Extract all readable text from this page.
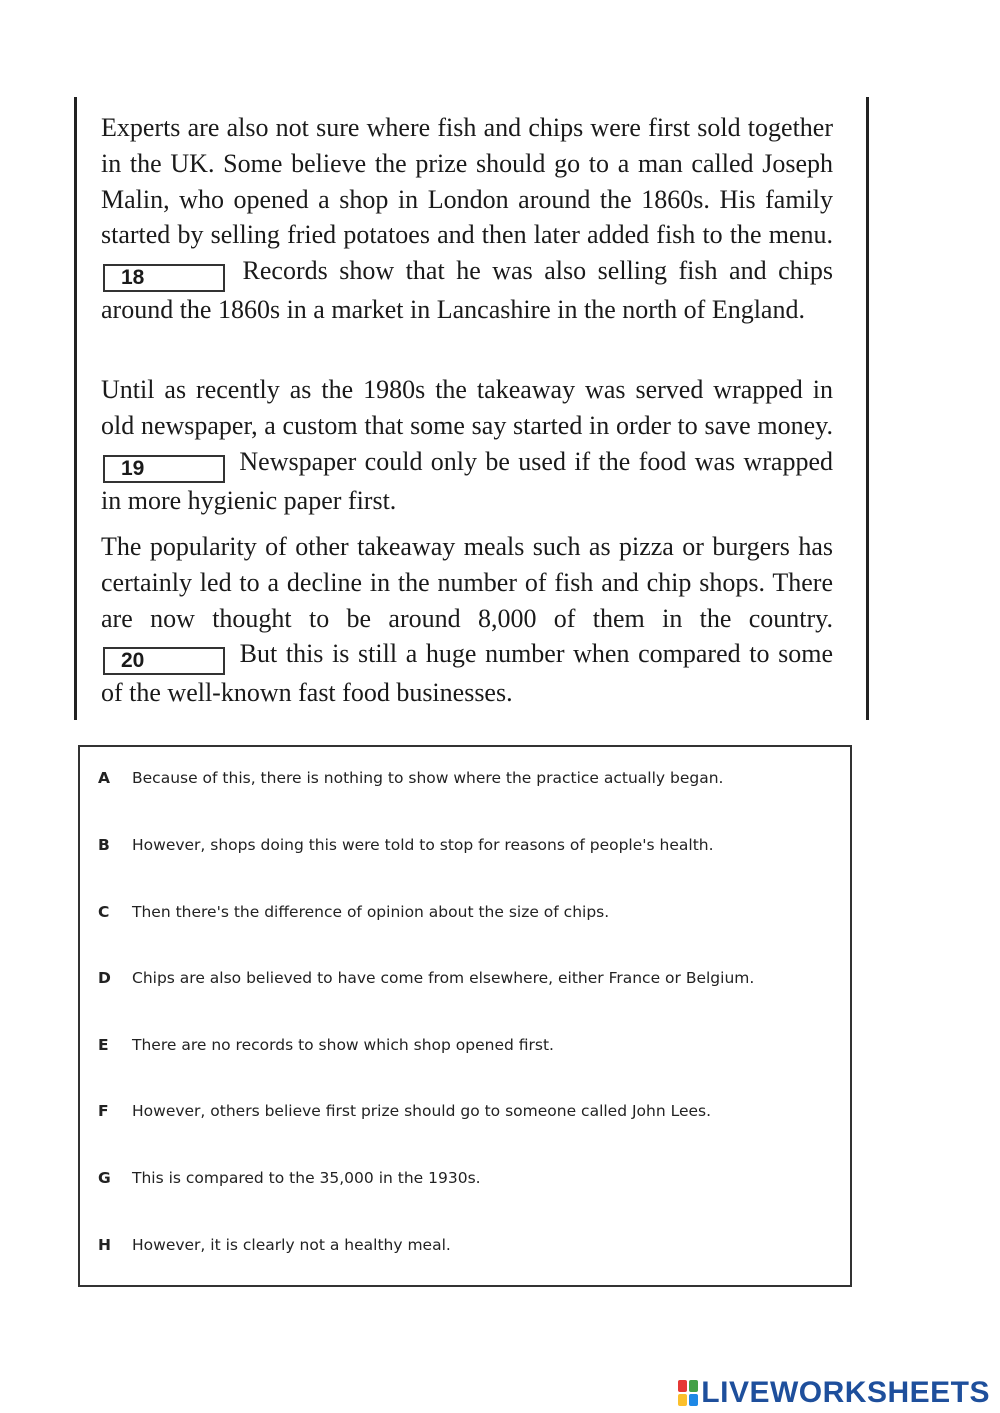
Experts are also not sure where fish and chips were first sold together in the UK. Some believe the prize should go to a man called Joseph Malin, who opened a shop in London around the 1860s. His family started by selling fried potatoes and then later added fish to the menu. 18	Records show that he was also selling fish and chips around the 1860s in a market in Lancashire in the north of England.

Until as recently as the 1980s the takeaway was served wrapped in old newspaper, a custom that some say started in order to save money. 19	Newspaper could only be used if the food was wrapped in more hygienic paper first.

The popularity of other takeaway meals such as pizza or burgers has certainly led to a decline in the number of fish and chip shops. There are now thought to be around 8,000 of them in the country. 20	But this is still a huge number when compared to some of the well-known fast food businesses.

A Because of this, there is nothing to show where the practice actually began.
B However, shops doing this were told to stop for reasons of people's health.
C Then there's the difference of opinion about the size of chips.
D Chips are also believed to have come from elsewhere, either France or Belgium.
E There are no records to show which shop opened first.
F However, others believe first prize should go to someone called John Lees.
G This is compared to the 35,000 in the 1930s.
H However, it is clearly not a healthy meal.
LIVEWORKSHEETS
